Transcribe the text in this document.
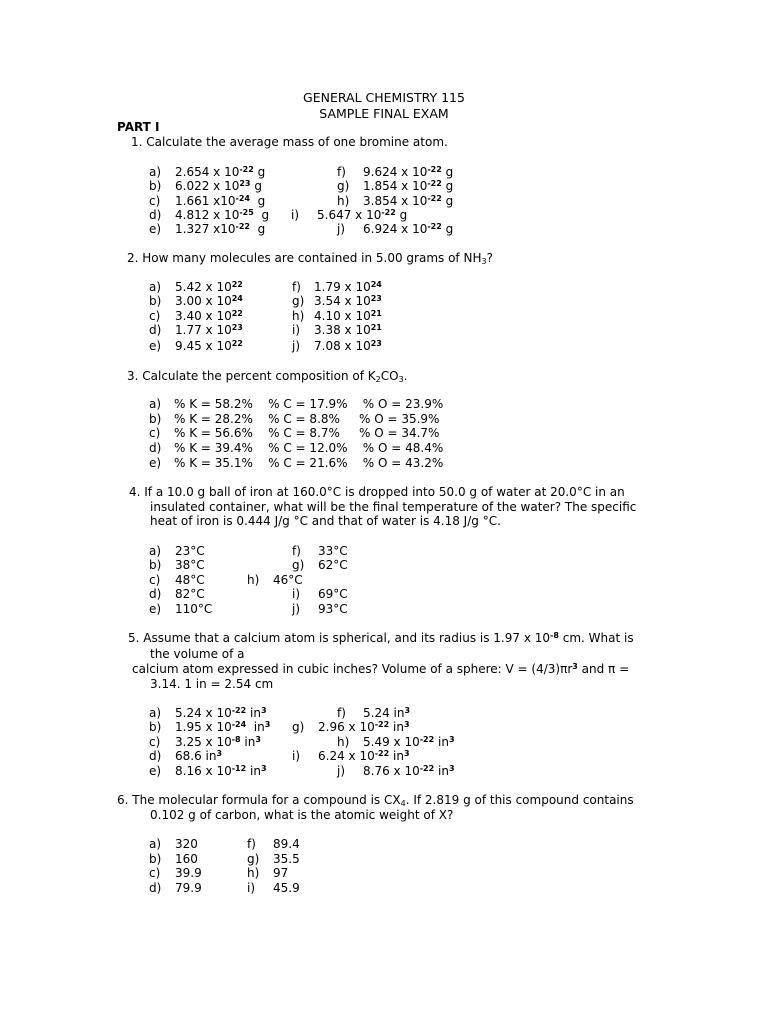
GENERAL CHEMISTRY 115
SAMPLE FINAL EXAM
PART I
1. Calculate the average mass of one bromine atom.
a) 2.654 x $10^{-22}$ g
b) 6.022 x $10^{23}$ g
c) 1.661 $x10^{-24}$  g
d) 4.812 x $10^{-25}$  g
e) 1.327 $x10^{-22}$  g
f) 9.624 x $10^{-22}$ g
g) 1.854 x $10^{-22}$ g
h) 3.854 x $10^{-22}$ g
i) 5.647 x $10^{-22}$ g
j) 6.924 x $10^{-22}$ g
2. How many molecules are contained in 5.00 grams of $NH_3$?
a) 5.42 x $10^{22}$
b) 3.00 x $10^{24}$
c) 3.40 x $10^{22}$
d) 1.77 x $10^{23}$
e) 9.45 x $10^{22}$
f) 1.79 x $10^{24}$
g) 3.54 x $10^{23}$
h) 4.10 x $10^{21}$
i) 3.38 x $10^{21}$
j) 7.08 x $10^{23}$
3. Calculate the percent composition of $K_2CO_3$.
a) % K = 58.2%    % C = 17.9%    % O = 23.9%
b) % K = 28.2%    % C = 8.8%     % O = 35.9%
c) % K = 56.6%    % C = 8.7%     % O = 34.7%
d) % K = 39.4%    % C = 12.0%    % O = 48.4%
e) % K = 35.1%    % C = 21.6%    % O = 43.2%
4. If a 10.0 g ball of iron at 160.0°C is dropped into 50.0 g of water at 20.0°C in an
insulated container, what will be the final temperature of the water? The specific
heat of iron is 0.444 J/g °C and that of water is 4.18 J/g °C.
a) 23°C
b) 38°C
c) 48°C
d) 82°C
e) 110°C
f) 33°C
g) 62°C
h) 46°C
i) 69°C
j) 93°C
5. Assume that a calcium atom is spherical, and its radius is 1.97 x $10^{-8}$ cm. What is
the volume of a
calcium atom expressed in cubic inches? Volume of a sphere: $V = (4/3)\pi r^3$ and π =
3.14. 1 in = 2.54 cm
a) 5.24 x $10^{-22}$ $in^3$
b) 1.95 x $10^{-24}$  $in^3$
c) 3.25 x $10^{-8}$ $in^3$
d) 68.6 $in^3$
e) 8.16 x $10^{-12}$ $in^3$
f) 5.24 $in^3$
g) 2.96 x $10^{-22}$ $in^3$
h) 5.49 x $10^{-22}$ $in^3$
i) 6.24 x $10^{-22}$ $in^3$
j) 8.76 x $10^{-22}$ $in^3$
6. The molecular formula for a compound is $CX_4$. If 2.819 g of this compound contains
0.102 g of carbon, what is the atomic weight of X?
a) 320
b) 160
c) 39.9
d) 79.9
f) 89.4
g) 35.5
h) 97
i) 45.9
